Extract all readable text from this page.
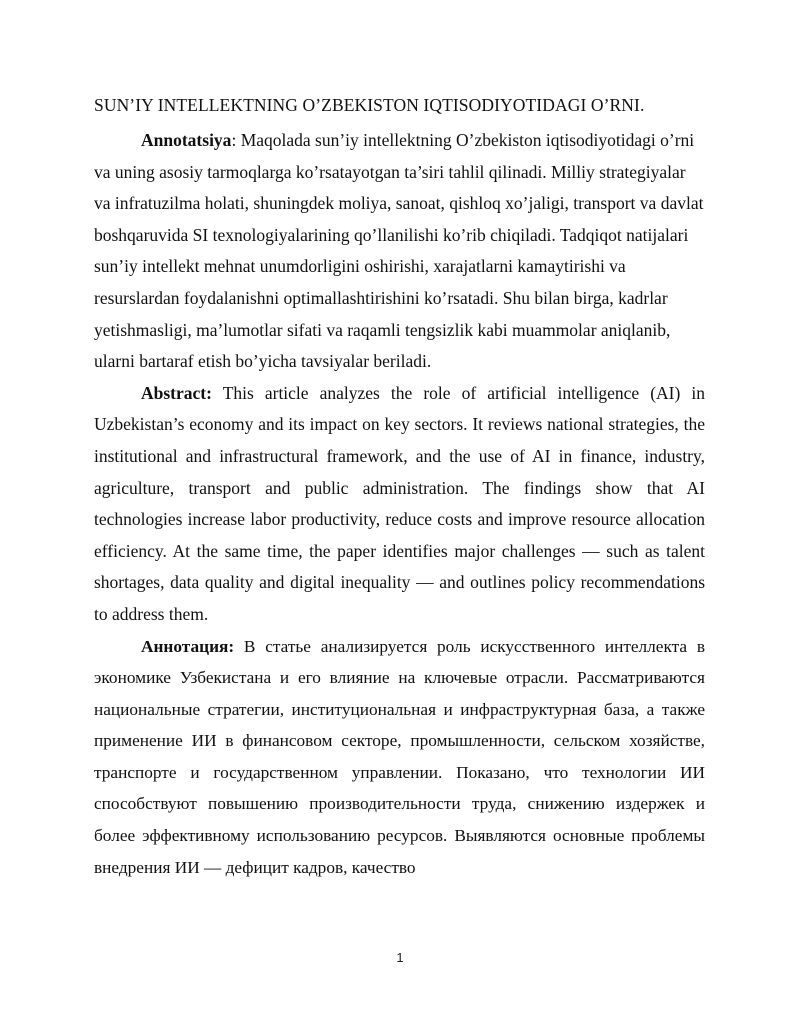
SUN’IY INTELLEKTNING O’ZBEKISTON IQTISODIYOTIDAGI O’RNI.

Annotatsiya: Maqolada sun’iy intellektning O’zbekiston iqtisodiyotidagi o’rni va uning asosiy tarmoqlarga ko’rsatayotgan ta’siri tahlil qilinadi. Milliy strategiyalar va infratuzilma holati, shuningdek moliya, sanoat, qishloq xo’jaligi, transport va davlat boshqaruvida SI texnologiyalarining qo’llanilishi ko’rib chiqiladi. Tadqiqot natijalari sun’iy intellekt mehnat unumdorligini oshirishi, xarajatlarni kamaytirishi va resurslardan foydalanishni optimallashtirishini ko’rsatadi. Shu bilan birga, kadrlar yetishmasligi, ma’lumotlar sifati va raqamli tengsizlik kabi muammolar aniqlanib, ularni bartaraf etish bo’yicha tavsiyalar beriladi.

Abstract: This article analyzes the role of artificial intelligence (AI) in Uzbekistan’s economy and its impact on key sectors. It reviews national strategies, the institutional and infrastructural framework, and the use of AI in finance, industry, agriculture, transport and public administration. The findings show that AI technologies increase labor productivity, reduce costs and improve resource allocation efficiency. At the same time, the paper identifies major challenges — such as talent shortages, data quality and digital inequality — and outlines policy recommendations to address them.

Аннотация: В статье анализируется роль искусственного интеллекта в экономике Узбекистана и его влияние на ключевые отрасли. Рассматриваются национальные стратегии, институциональная и инфраструктурная база, а также применение ИИ в финансовом секторе, промышленности, сельском хозяйстве, транспорте и государственном управлении. Показано, что технологии ИИ способствуют повышению производительности труда, снижению издержек и более эффективному использованию ресурсов. Выявляются основные проблемы внедрения ИИ — дефицит кадров, качество

1
